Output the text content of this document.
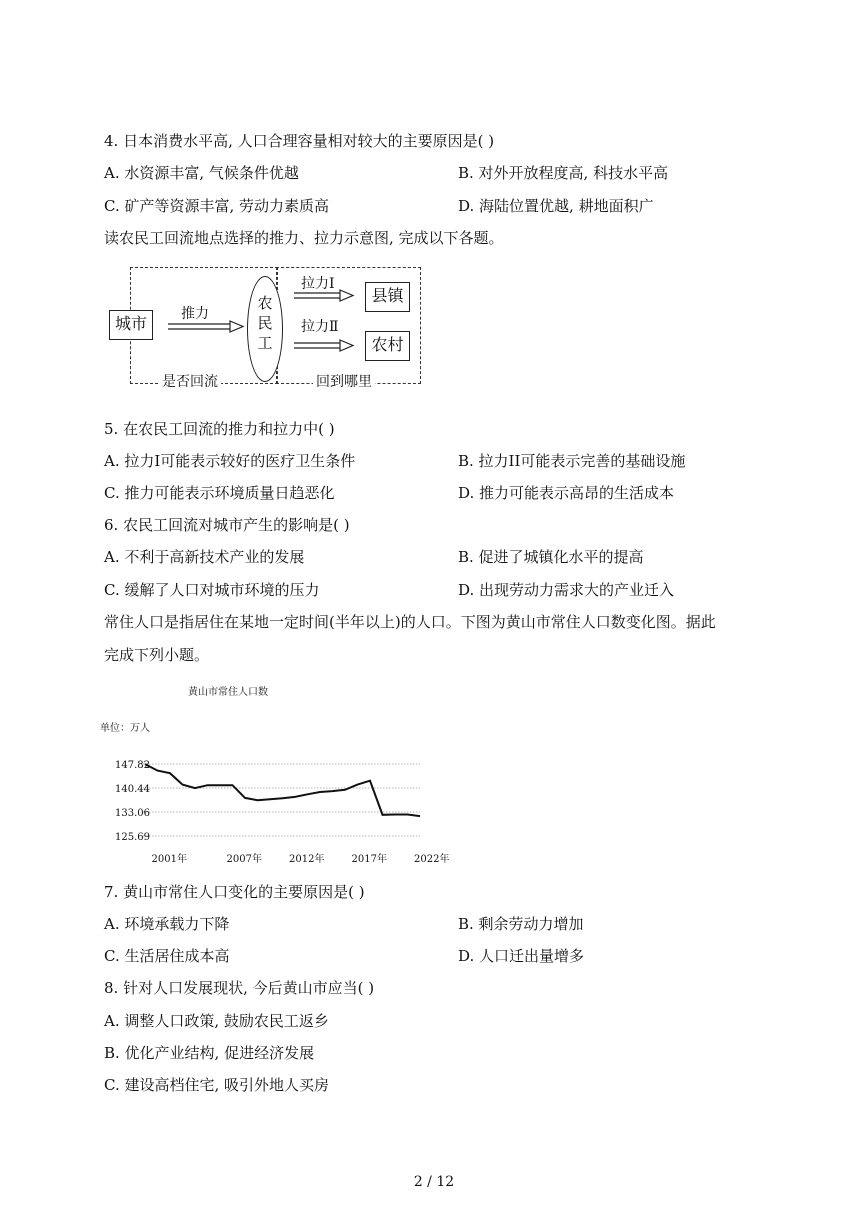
4. 日本消费水平高, 人口合理容量相对较大的主要原因是( )
A. 水资源丰富, 气候条件优越	B. 对外开放程度高, 科技水平高
C. 矿产等资源丰富, 劳动力素质高	D. 海陆位置优越, 耕地面积广
读农民工回流地点选择的推力、拉力示意图, 完成以下各题。
城市	推力
农
民
工
拉力Ⅰ
县镇
拉力Ⅱ
农村
是否回流	回到哪里
5. 在农民工回流的推力和拉力中( )
A. 拉力I可能表示较好的医疗卫生条件	B. 拉力II可能表示完善的基础设施
C. 推力可能表示环境质量日趋恶化	D. 推力可能表示高昂的生活成本
6. 农民工回流对城市产生的影响是( )
A. 不利于高新技术产业的发展	B. 促进了城镇化水平的提高
C. 缓解了人口对城市环境的压力	D. 出现劳动力需求大的产业迁入
常住人口是指居住在某地一定时间(半年以上)的人口。下图为黄山市常住人口数变化图。据此
完成下列小题。
黄山市常住人口数
单位：万人
147.82
140.44
133.06
125.69
2001年	2007年	2012年	2017年	2022年
7. 黄山市常住人口变化的主要原因是( )
A. 环境承载力下降	B. 剩余劳动力增加
C. 生活居住成本高	D. 人口迁出量增多
8. 针对人口发展现状, 今后黄山市应当( )
A. 调整人口政策, 鼓励农民工返乡
B. 优化产业结构, 促进经济发展
C. 建设高档住宅, 吸引外地人买房
2 / 12
